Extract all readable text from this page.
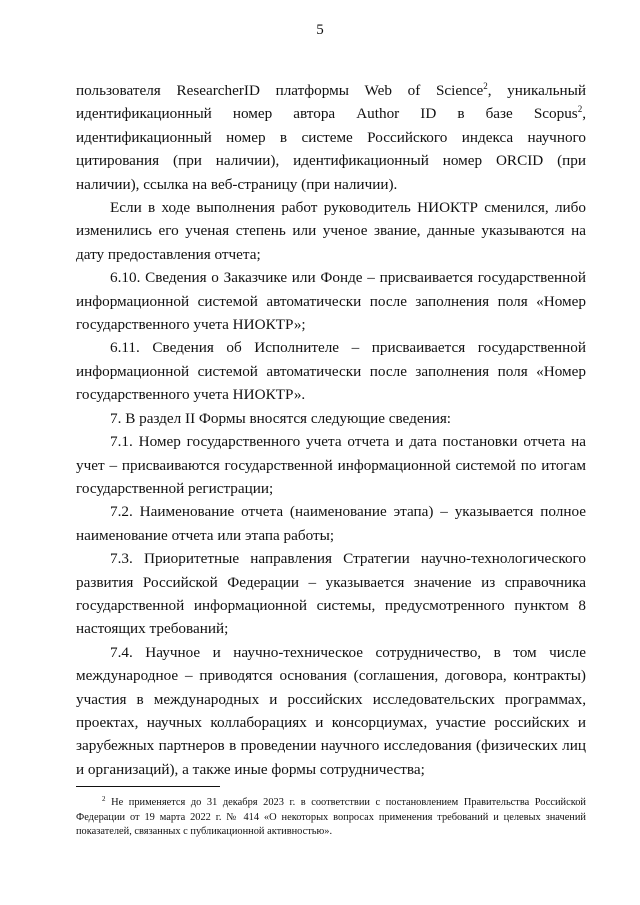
5

пользователя ResearcherID платформы Web of Science$^2$, уникальный идентификационный номер автора Author ID в базе Scopus$^2$, идентификационный номер в системе Российского индекса научного цитирования (при наличии), идентификационный номер ORCID (при наличии), ссылка на веб-страницу (при наличии).

Если в ходе выполнения работ руководитель НИОКТР сменился, либо изменились его ученая степень или ученое звание, данные указываются на дату предоставления отчета;

6.10. Сведения о Заказчике или Фонде – присваивается государственной информационной системой автоматически после заполнения поля «Номер государственного учета НИОКТР»;

6.11. Сведения об Исполнителе – присваивается государственной информационной системой автоматически после заполнения поля «Номер государственного учета НИОКТР».

7. В раздел II Формы вносятся следующие сведения:

7.1. Номер государственного учета отчета и дата постановки отчета на учет – присваиваются государственной информационной системой по итогам государственной регистрации;

7.2. Наименование отчета (наименование этапа) – указывается полное наименование отчета или этапа работы;

7.3. Приоритетные направления Стратегии научно-технологического развития Российской Федерации – указывается значение из справочника государственной информационной системы, предусмотренного пунктом 8 настоящих требований;

7.4. Научное и научно-техническое сотрудничество, в том числе международное – приводятся основания (соглашения, договора, контракты) участия в международных и российских исследовательских программах, проектах, научных коллаборациях и консорциумах, участие российских и зарубежных партнеров в проведении научного исследования (физических лиц и организаций), а также иные формы сотрудничества;

$^2$ Не применяется до 31 декабря 2023 г. в соответствии с постановлением Правительства Российской Федерации от 19 марта 2022 г. № 414 «О некоторых вопросах применения требований и целевых значений показателей, связанных с публикационной активностью».
